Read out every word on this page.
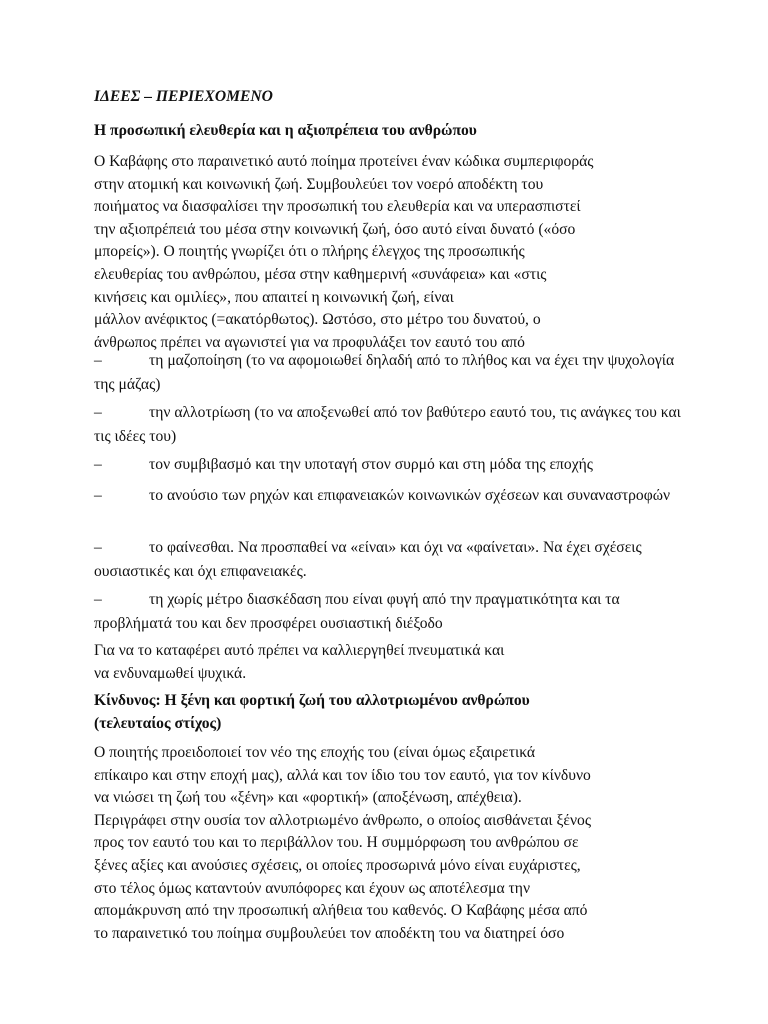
ΙΔΕΕΣ – ΠΕΡΙΕΧΟΜΕΝΟ
Η προσωπική ελευθερία και η αξιοπρέπεια του ανθρώπου

Ο Καβάφης στο παραινετικό αυτό ποίημα προτείνει έναν κώδικα συμπεριφοράς
στην ατομική και κοινωνική ζωή. Συμβουλεύει τον νοερό αποδέκτη του
ποιήματος να διασφαλίσει την προσωπική του ελευθερία και να υπερασπιστεί
την αξιοπρέπειά του μέσα στην κοινωνική ζωή, όσο αυτό είναι δυνατό («όσο
μπορείς»). Ο ποιητής γνωρίζει ότι ο πλήρης έλεγχος της προσωπικής
ελευθερίας του ανθρώπου, μέσα στην καθημερινή «συνάφεια» και «στις
κινήσεις και ομιλίες», που απαιτεί η κοινωνική ζωή, είναι
μάλλον ανέφικτος (=ακατόρθωτος). Ωστόσο, στο μέτρο του δυνατού, ο
άνθρωπος πρέπει να αγωνιστεί για να προφυλάξει τον εαυτό του από

–	τη μαζοποίηση (το να αφομοιωθεί δηλαδή από το πλήθος και να έχει την ψυχολογία της μάζας)
–	την αλλοτρίωση (το να αποξενωθεί από τον βαθύτερο εαυτό του, τις ανάγκες του και τις ιδέες του)
–	τον συμβιβασμό και την υποταγή στον συρμό και στη μόδα της εποχής
–	το ανούσιο των ρηχών και επιφανειακών κοινωνικών σχέσεων και συναναστροφών
–	το φαίνεσθαι. Να προσπαθεί να «είναι» και όχι να «φαίνεται». Να έχει σχέσεις ουσιαστικές και όχι επιφανειακές.
–	τη χωρίς μέτρο διασκέδαση που είναι φυγή από την πραγματικότητα και τα προβλήματά του και δεν προσφέρει ουσιαστική διέξοδο

Για να το καταφέρει αυτό πρέπει να καλλιεργηθεί πνευματικά και
να ενδυναμωθεί ψυχικά.

Κίνδυνος: Η ξένη και φορτική ζωή του αλλοτριωμένου ανθρώπου
(τελευταίος στίχος)

Ο ποιητής προειδοποιεί τον νέο της εποχής του (είναι όμως εξαιρετικά
επίκαιρο και στην εποχή μας), αλλά και τον ίδιο του τον εαυτό, για τον κίνδυνο
να νιώσει τη ζωή του «ξένη» και «φορτική» (αποξένωση, απέχθεια).
Περιγράφει στην ουσία τον αλλοτριωμένο άνθρωπο, ο οποίος αισθάνεται ξένος
προς τον εαυτό του και το περιβάλλον του. Η συμμόρφωση του ανθρώπου σε
ξένες αξίες και ανούσιες σχέσεις, οι οποίες προσωρινά μόνο είναι ευχάριστες,
στο τέλος όμως καταντούν ανυπόφορες και έχουν ως αποτέλεσμα την
απομάκρυνση από την προσωπική αλήθεια του καθενός. Ο Καβάφης μέσα από
το παραινετικό του ποίημα συμβουλεύει τον αποδέκτη του να διατηρεί όσο
